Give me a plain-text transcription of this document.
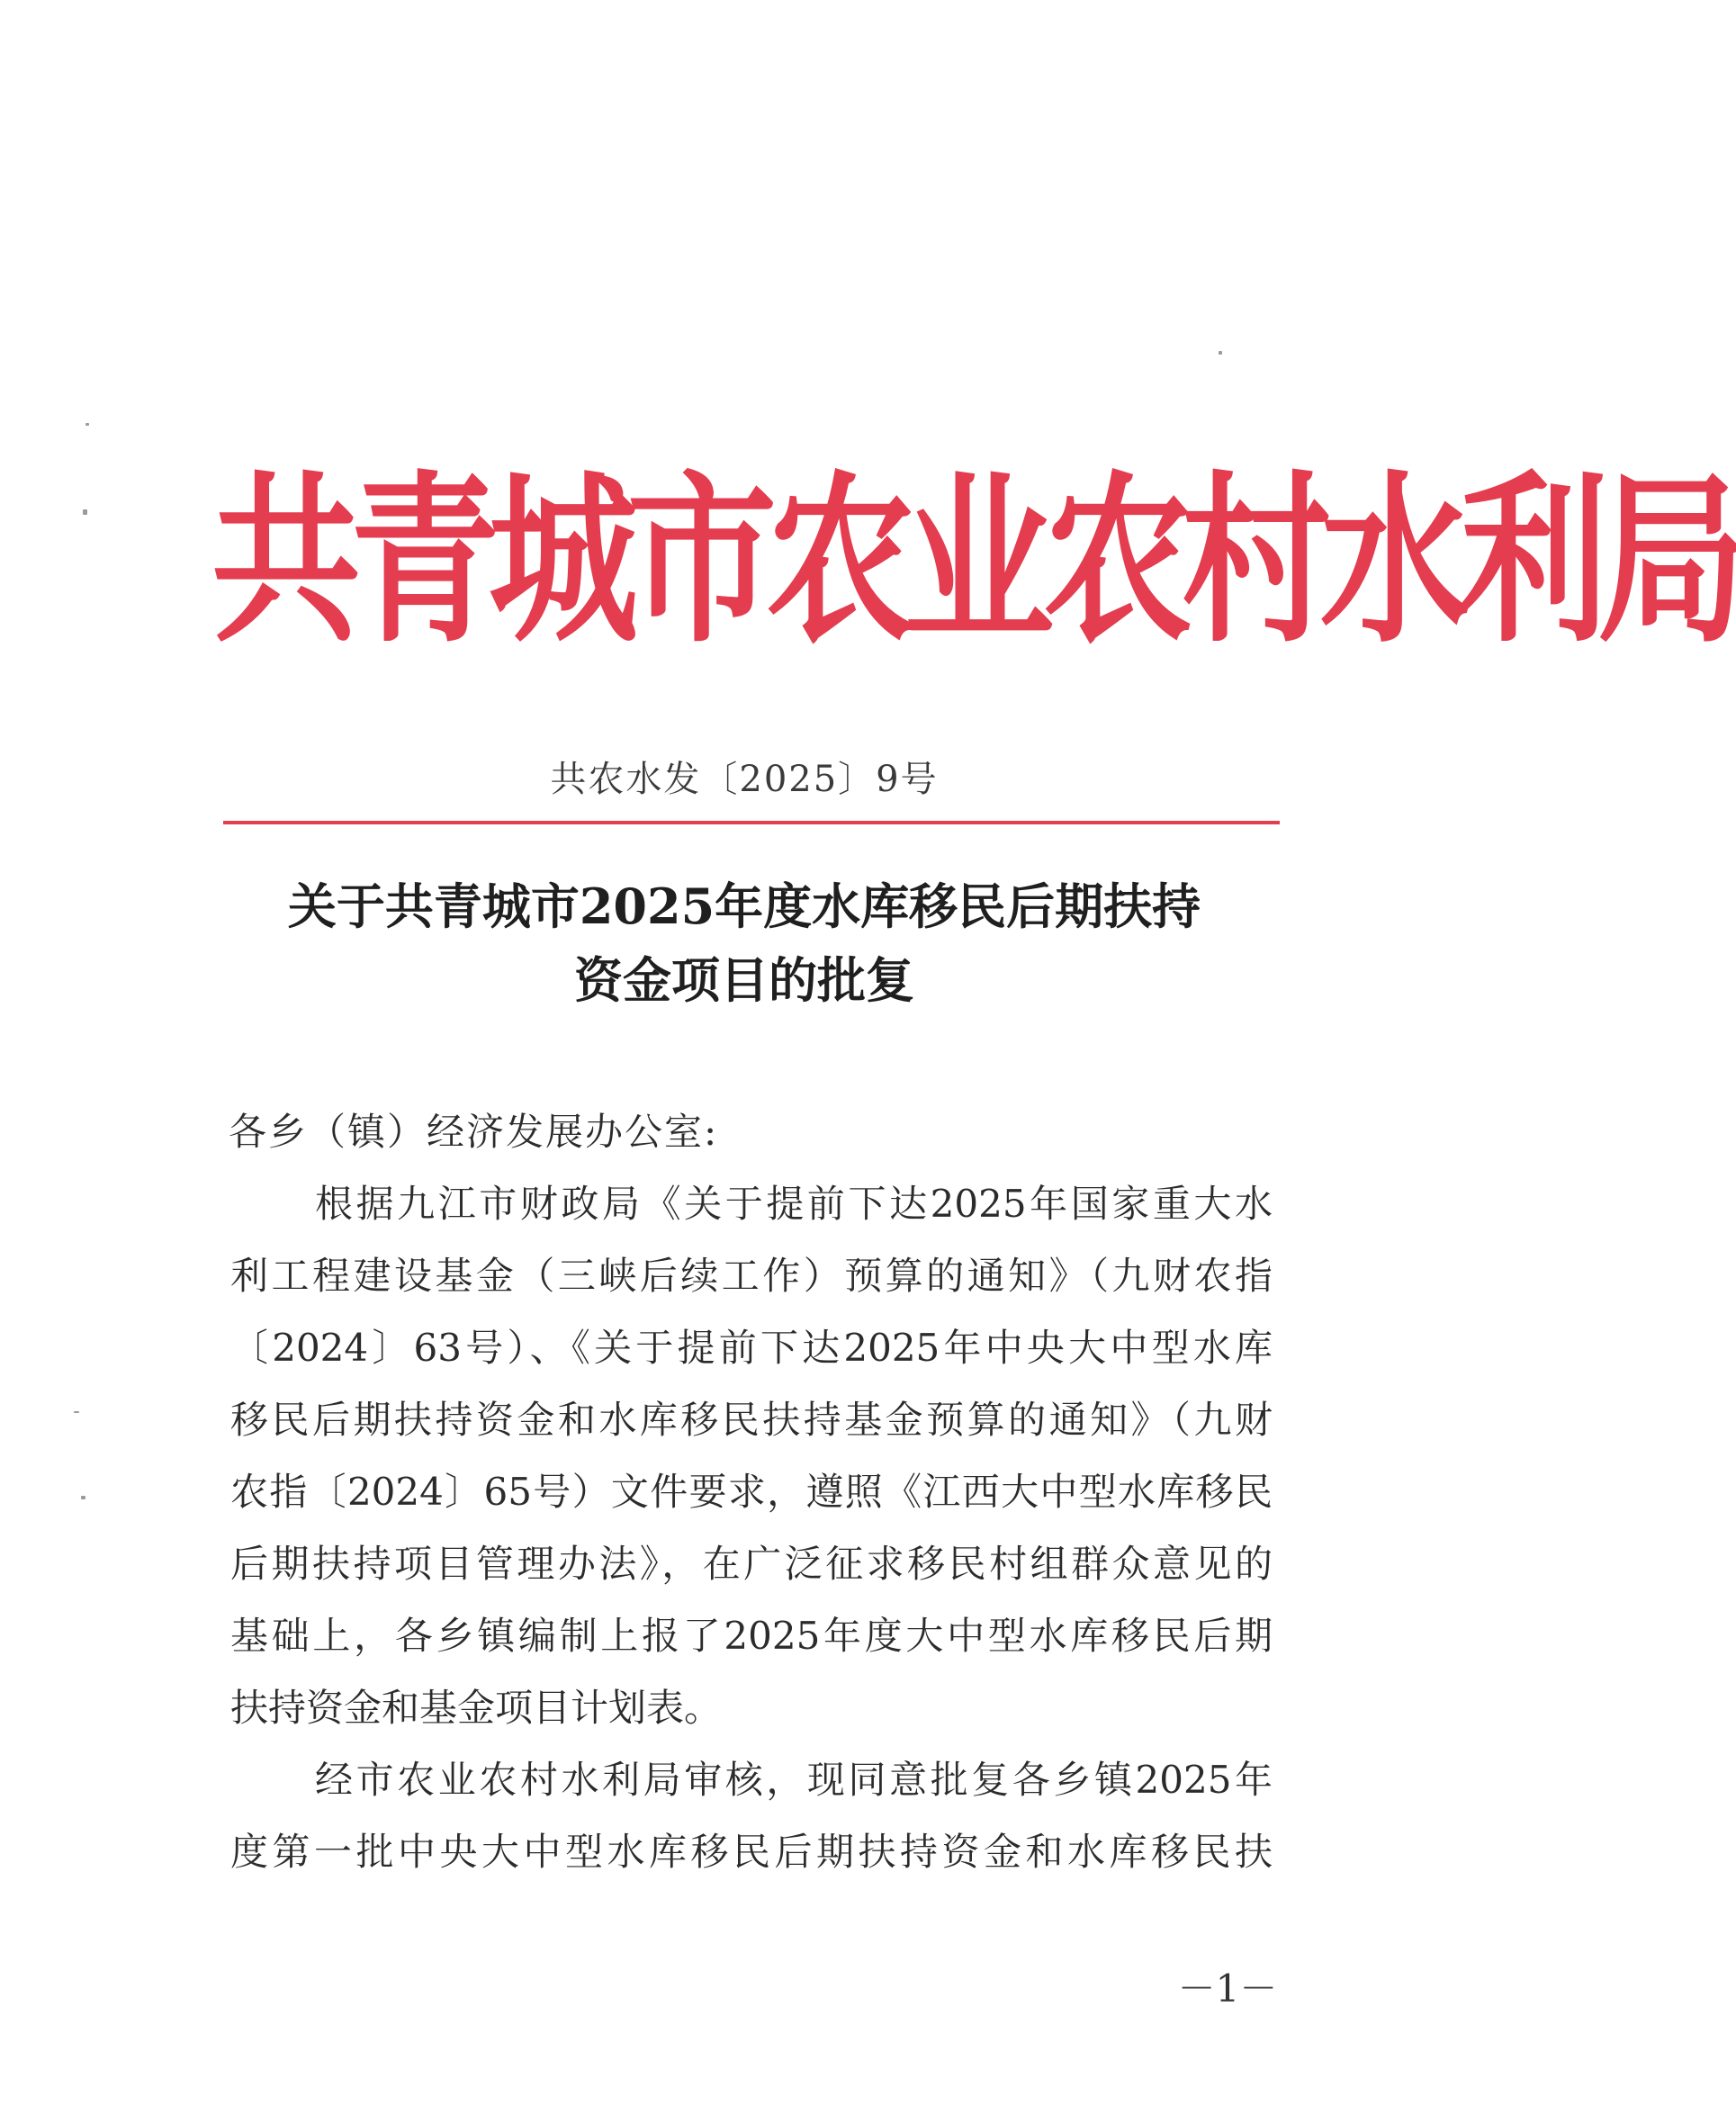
共青城市农业农村水利局
共农水发〔2025〕9号
关于共青城市2025年度水库移民后期扶持
资金项目的批复
各乡（镇）经济发展办公室:
根据九江市财政局《关于提前下达2025年国家重大水
利工程建设基金（三峡后续工作）预算的通知》（九财农指
〔2024〕63号）、《关于提前下达2025年中央大中型水库
移民后期扶持资金和水库移民扶持基金预算的通知》（九财
农指〔2024〕65号）文件要求，遵照《江西大中型水库移民
后期扶持项目管理办法》，在广泛征求移民村组群众意见的
基础上，各乡镇编制上报了2025年度大中型水库移民后期
扶持资金和基金项目计划表。
经市农业农村水利局审核，现同意批复各乡镇2025年
度第一批中央大中型水库移民后期扶持资金和水库移民扶
－1－
